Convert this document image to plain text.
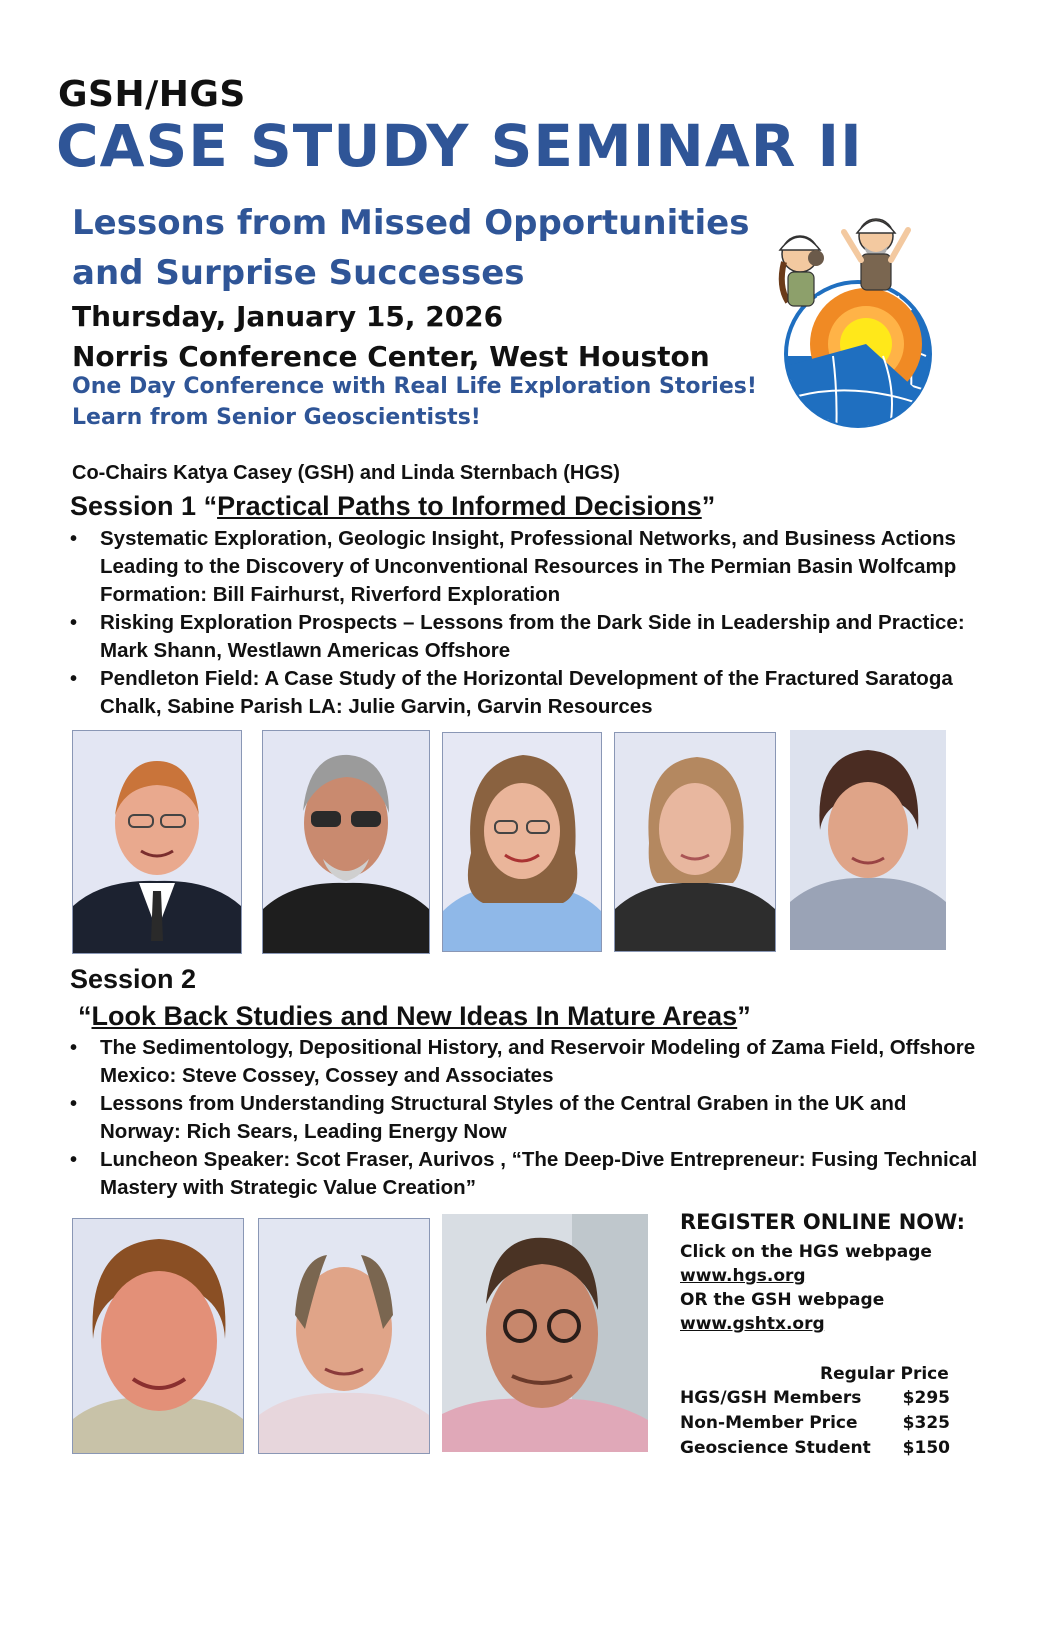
GSH/HGS
CASE STUDY SEMINAR II
Lessons from Missed Opportunities
and Surprise Successes
Thursday, January 15, 2026
Norris Conference Center, West Houston
One Day Conference with Real Life Exploration Stories!
Learn from Senior Geoscientists!
Co-Chairs Katya Casey (GSH) and Linda Sternbach (HGS)
Session 1 “Practical Paths to Informed Decisions”
• Systematic Exploration, Geologic Insight, Professional Networks, and Business Actions Leading to the Discovery of Unconventional Resources in The Permian Basin Wolfcamp Formation: Bill Fairhurst, Riverford Exploration
• Risking Exploration Prospects – Lessons from the Dark Side in Leadership and Practice: Mark Shann, Westlawn Americas Offshore
• Pendleton Field: A Case Study of the Horizontal Development of the Fractured Saratoga Chalk, Sabine Parish LA: Julie Garvin, Garvin Resources
Session 2
“Look Back Studies and New Ideas In Mature Areas”
• The Sedimentology, Depositional History, and Reservoir Modeling of Zama Field, Offshore Mexico: Steve Cossey, Cossey and Associates
• Lessons from Understanding Structural Styles of the Central Graben in the UK and Norway: Rich Sears, Leading Energy Now
• Luncheon Speaker: Scot Fraser, Aurivos , “The Deep-Dive Entrepreneur: Fusing Technical Mastery with Strategic Value Creation”
REGISTER ONLINE NOW:
Click on the HGS webpage
www.hgs.org
OR the GSH webpage
www.gshtx.org
Regular Price
HGS/GSH Members $295
Non-Member Price	$325
Geoscience Student $150
